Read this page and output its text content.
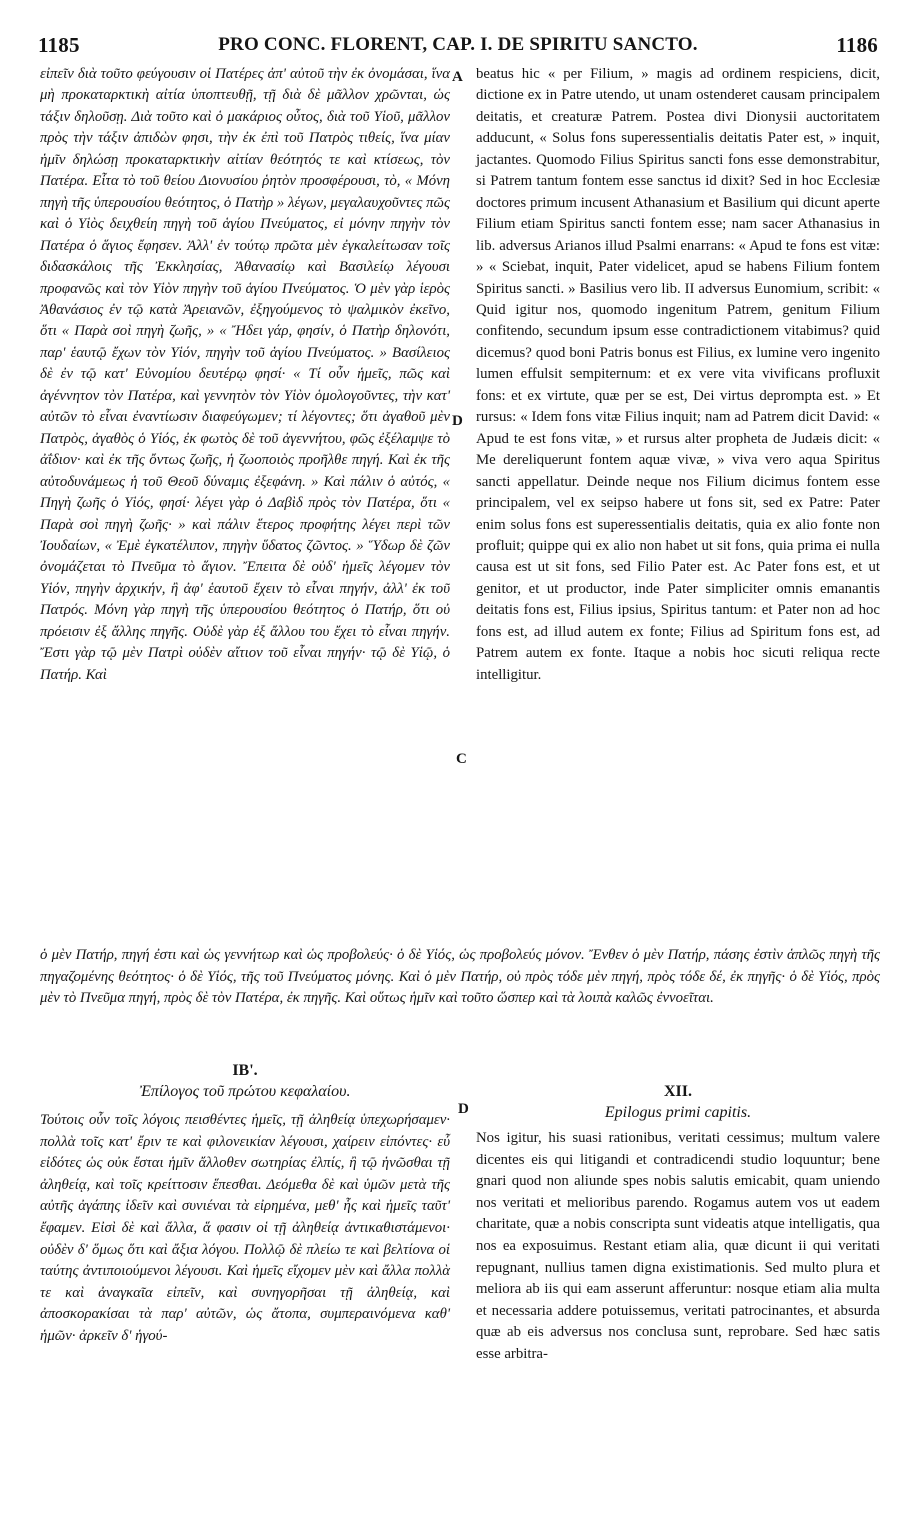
1185	PRO CONC. FLORENT, CAP. I. DE SPIRITU SANCTO.	1186

εἰπεῖν διὰ τοῦτο φεύγουσιν οἱ Πατέρες ἀπ' αὐτοῦ τὴν ἐκ ὀνομάσαι, ἵνα μὴ προκαταρκτικὴ αἰτία ὑποπτευθῇ, τῇ διὰ δὲ μᾶλλον χρῶνται, ὡς τάξιν δηλοῦσῃ. Διὰ τοῦτο καὶ ὁ μακάριος οὗτος, διὰ τοῦ Υἱοῦ, μᾶλλον πρὸς τὴν τάξιν ἀπιδὼν φησι, τὴν ἐκ ἐπὶ τοῦ Πατρὸς τιθείς, ἵνα μίαν ἡμῖν δηλώσῃ προκαταρκτικὴν αἰτίαν θεότητός τε καὶ κτίσεως, τὸν Πατέρα. Εἶτα τὸ τοῦ θείου Διονυσίου ῥητὸν προσφέρουσι, τὸ, « Μόνη πηγὴ τῆς ὑπερουσίου θεότητος, ὁ Πατὴρ » λέγων, μεγαλαυχοῦντες πῶς καὶ ὁ Υἱὸς δειχθείη πηγὴ τοῦ ἁγίου Πνεύματος, εἰ μόνην πηγὴν τὸν Πατέρα ὁ ἅγιος ἔφησεν. Ἀλλ' ἐν τούτῳ πρῶτα μὲν ἐγκαλείτωσαν τοῖς διδασκάλοις τῆς Ἐκκλησίας, Ἀθανασίῳ καὶ Βασιλείῳ λέγουσι προφανῶς καὶ τὸν Υἱὸν πηγὴν τοῦ ἁγίου Πνεύματος. Ὁ μὲν γὰρ ἱερὸς Ἀθανάσιος ἐν τῷ κατὰ Ἀρειανῶν, ἐξηγούμενος τὸ ψαλμικὸν ἐκεῖνο, ὅτι « Παρὰ σοὶ πηγὴ ζωῆς, » « Ἤδει γάρ, φησίν, ὁ Πατὴρ δηλονότι, παρ' ἑαυτῷ ἔχων τὸν Υἱόν, πηγὴν τοῦ ἁγίου Πνεύματος. » Βασίλειος δὲ ἐν τῷ κατ' Εὐνομίου δευτέρῳ φησί· « Τί οὖν ἡμεῖς, πῶς καὶ ἀγέννητον τὸν Πατέρα, καὶ γεννητὸν τὸν Υἱὸν ὁμολογοῦντες, τὴν κατ' αὐτῶν τὸ εἶναι ἐναντίωσιν διαφεύγωμεν; τί λέγοντες; ὅτι ἀγαθοῦ μὲν Πατρὸς, ἀγαθὸς ὁ Υἱός, ἐκ φωτὸς δὲ τοῦ ἀγεννήτου, φῶς ἐξέλαμψε τὸ ἀΐδιον· καὶ ἐκ τῆς ὄντως ζωῆς, ἡ ζωοποιὸς προῆλθε πηγή. Καὶ ἐκ τῆς αὐτοδυνάμεως ἡ τοῦ Θεοῦ δύναμις ἐξεφάνη. » Καὶ πάλιν ὁ αὐτός, « Πηγὴ ζωῆς ὁ Υἱός, φησί· λέγει γὰρ ὁ Δαβὶδ πρὸς τὸν Πατέρα, ὅτι « Παρὰ σοὶ πηγὴ ζωῆς· » καὶ πάλιν ἕτερος προφήτης λέγει περὶ τῶν Ἰουδαίων, « Ἐμὲ ἐγκατέλιπον, πηγὴν ὕδατος ζῶντος. » Ὕδωρ δὲ ζῶν ὀνομάζεται τὸ Πνεῦμα τὸ ἅγιον. Ἔπειτα δὲ οὐδ' ἡμεῖς λέγομεν τὸν Υἱόν, πηγὴν ἀρχικήν, ἢ ἀφ' ἑαυτοῦ ἔχειν τὸ εἶναι πηγήν, ἀλλ' ἐκ τοῦ Πατρός. Μόνη γὰρ πηγὴ τῆς ὑπερουσίου θεότητος ὁ Πατήρ, ὅτι οὐ πρόεισιν ἐξ ἄλλης πηγῆς. Οὐδὲ γὰρ ἐξ ἄλλου του ἔχει τὸ εἶναι πηγήν. Ἔστι γὰρ τῷ μὲν Πατρὶ οὐδὲν αἴτιον τοῦ εἶναι πηγήν· τῷ δὲ Υἱῷ, ὁ Πατήρ. Καὶ

A
D
C
D

beatus hic « per Filium, » magis ad ordinem respiciens, dicit, dictione ex in Patre utendo, ut unam ostenderet causam principalem deitatis, et creaturæ Patrem. Postea divi Dionysii auctoritatem adducunt, « Solus fons superessentialis deitatis Pater est, » inquit, jactantes. Quomodo Filius Spiritus sancti fons esse demonstrabitur, si Patrem tantum fontem esse sanctus id dixit? Sed in hoc Ecclesiæ doctores primum incusent Athanasium et Basilium qui dicunt aperte Filium etiam Spiritus sancti fontem esse; nam sacer Athanasius in lib. adversus Arianos illud Psalmi enarrans: « Apud te fons est vitæ: » « Sciebat, inquit, Pater videlicet, apud se habens Filium fontem Spiritus sancti. » Basilius vero lib. II adversus Eunomium, scribit: « Quid igitur nos, quomodo ingenitum Patrem, genitum Filium confitendo, secundum ipsum esse contradictionem vitabimus? quid dicemus? quod boni Patris bonus est Filius, ex lumine vero ingenito lumen effulsit sempiternum: et ex vere vita vivificans profluxit fons: et ex virtute, quæ per se est, Dei virtus deprompta est. » Et rursus: « Idem fons vitæ Filius inquit; nam ad Patrem dicit David: « Apud te est fons vitæ, » et rursus alter propheta de Judæis dicit: « Me dereliquerunt fontem aquæ vivæ, » viva vero aqua Spiritus sancti appellatur. Deinde neque nos Filium dicimus fontem esse principalem, vel ex seipso habere ut fons sit, sed ex Patre: Pater enim solus fons est superessentialis deitatis, quia ex alio fonte non profluit; quippe qui ex alio non habet ut sit fons, quia prima ei nulla causa est ut sit fons, sed Filio Pater est. Ac Pater fons est, et ut genitor, et ut productor, inde Pater simpliciter omnis emanantis deitatis fons est, Filius ipsius, Spiritus tantum: et Pater non ad hoc fons est, ad illud autem ex fonte; Filius ad Spiritum fons est, ad Patrem autem ex fonte. Itaque a nobis hoc sicuti reliqua recte intelligitur.

ὁ μὲν Πατήρ, πηγή ἐστι καὶ ὡς γεννήτωρ καὶ ὡς προβολεύς· ὁ δὲ Υἱός, ὡς προβολεύς μόνον. Ἔνθεν ὁ μὲν Πατήρ, πάσης ἐστὶν ἁπλῶς πηγὴ τῆς πηγαζομένης θεότητος· ὁ δὲ Υἱός, τῆς τοῦ Πνεύματος μόνης. Καὶ ὁ μὲν Πατήρ, οὐ πρὸς τόδε μὲν πηγή, πρὸς τόδε δέ, ἐκ πηγῆς· ὁ δὲ Υἱός, πρὸς μὲν τὸ Πνεῦμα πηγή, πρὸς δὲ τὸν Πατέρα, ἐκ πηγῆς. Καὶ οὕτως ἡμῖν καὶ τοῦτο ὥσπερ καὶ τὰ λοιπὰ καλῶς ἐννοεῖται.

ΙΒ'.
Ἐπίλογος τοῦ πρώτου κεφαλαίου.

Τούτοις οὖν τοῖς λόγοις πεισθέντες ἡμεῖς, τῇ ἀληθείᾳ ὑπεχωρήσαμεν· πολλὰ τοῖς κατ' ἔριν τε καὶ φιλονεικίαν λέγουσι, χαίρειν εἰπόντες· εὖ εἰδότες ὡς οὐκ ἔσται ἡμῖν ἄλλοθεν σωτηρίας ἐλπίς, ἢ τῷ ἡνῶσθαι τῇ ἀληθείᾳ, καὶ τοῖς κρείττοσιν ἕπεσθαι. Δεόμεθα δὲ καὶ ὑμῶν μετὰ τῆς αὐτῆς ἀγάπης ἰδεῖν καὶ συνιέναι τὰ εἰρημένα, μεθ' ἧς καὶ ἡμεῖς ταῦτ' ἔφαμεν. Εἰσὶ δὲ καὶ ἄλλα, ἅ φασιν οἱ τῇ ἀληθείᾳ ἀντικαθιστάμενοι· οὐδὲν δ' ὅμως ὅτι καὶ ἄξια λόγου. Πολλῷ δὲ πλείω τε καὶ βελτίονα οἱ ταύτης ἀντιποιούμενοι λέγουσι. Καὶ ἡμεῖς εἴχομεν μὲν καὶ ἄλλα πολλὰ τε καὶ ἀναγκαῖα εἰπεῖν, καὶ συνηγορῆσαι τῇ ἀληθείᾳ, καὶ ἀποσκορακίσαι τὰ παρ' αὐτῶν, ὡς ἄτοπα, συμπεραινόμενα καθ' ἡμῶν· ἀρκεῖν δ' ἡγού-

XII.
Epilogus primi capitis.

Nos igitur, his suasi rationibus, veritati cessimus; multum valere dicentes eis qui litigandi et contradicendi studio loquuntur; bene gnari quod non aliunde spes nobis salutis emicabit, quam uniendo nos veritati et melioribus parendo. Rogamus autem vos ut eadem charitate, quæ a nobis conscripta sunt videatis atque intelligatis, qua nos ea exposuimus. Restant etiam alia, quæ dicunt ii qui veritati repugnant, nullius tamen digna existimationis. Sed multo plura et meliora ab iis qui eam asserunt afferuntur: nosque etiam alia multa et necessaria addere potuissemus, veritati patrocinantes, et absurda quæ ab eis adversus nos conclusa sunt, reprobare. Sed hæc satis esse arbitra-
